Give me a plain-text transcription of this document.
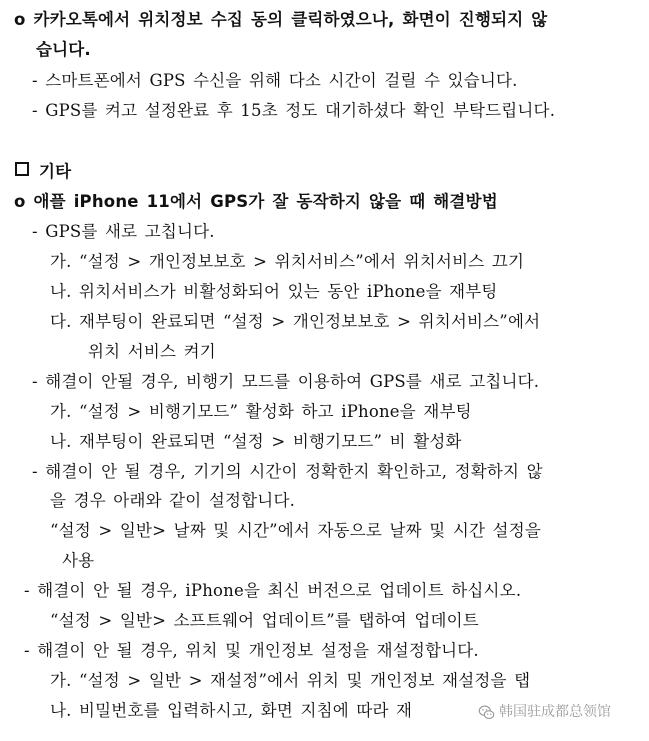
o 카카오톡에서 위치정보 수집 동의 클릭하였으나, 화면이 진행되지 않
습니다.
- 스마트폰에서 GPS 수신을 위해 다소 시간이 걸릴 수 있습니다.
- GPS를 켜고 설정완료 후 15초 정도 대기하셨다 확인 부탁드립니다.
기타
o 애플 iPhone 11에서 GPS가 잘 동작하지 않을 때 해결방법
- GPS를 새로 고칩니다.
가. “설정 > 개인정보보호 > 위치서비스”에서 위치서비스 끄기
나. 위치서비스가 비활성화되어 있는 동안 iPhone을 재부팅
다. 재부팅이 완료되면 “설정 > 개인정보보호 > 위치서비스”에서
위치 서비스 켜기
- 해결이 안될 경우, 비행기 모드를 이용하여 GPS를 새로 고칩니다.
가. “설정 > 비행기모드” 활성화 하고 iPhone을 재부팅
나. 재부팅이 완료되면 “설정 > 비행기모드” 비 활성화
- 해결이 안 될 경우, 기기의 시간이 정확한지 확인하고, 정확하지 않
을 경우 아래와 같이 설정합니다.
“설정 > 일반> 날짜 및 시간”에서 자동으로 날짜 및 시간 설정을
사용
- 해결이 안 될 경우, iPhone을 최신 버전으로 업데이트 하십시오.
“설정 > 일반> 소프트웨어 업데이트”를 탭하여 업데이트
- 해결이 안 될 경우, 위치 및 개인정보 설정을 재설정합니다.
가. “설정 > 일반 > 재설정”에서 위치 및 개인정보 재설정을 탭
나. 비밀번호를 입력하시고, 화면 지침에 따라 재	韩国驻成都总领馆
